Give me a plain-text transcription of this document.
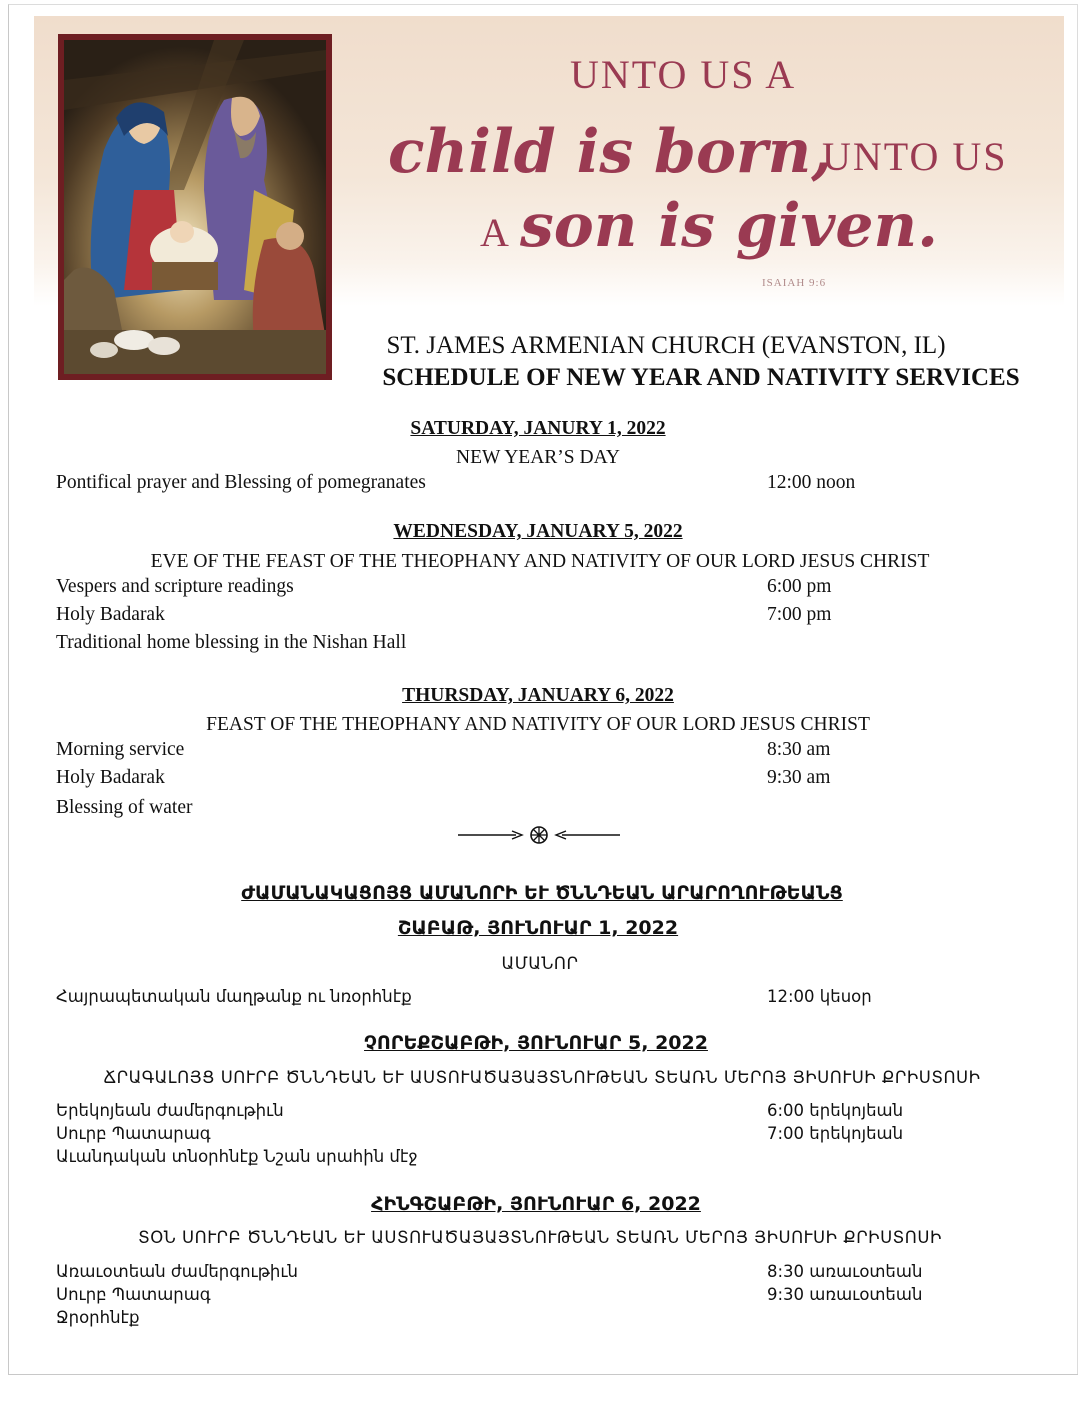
UNTO US A
child is born,
UNTO US
A son is given.
ISAIAH 9:6
ST. JAMES ARMENIAN CHURCH (EVANSTON, IL)
SCHEDULE OF NEW YEAR AND NATIVITY SERVICES
SATURDAY, JANURY 1, 2022
NEW YEAR’S DAY
Pontifical prayer and Blessing of pomegranates	12:00 noon
WEDNESDAY, JANUARY 5, 2022
EVE OF THE FEAST OF THE THEOPHANY AND NATIVITY OF OUR LORD JESUS CHRIST
Vespers and scripture readings	6:00 pm
Holy Badarak	7:00 pm
Traditional home blessing in the Nishan Hall
THURSDAY, JANUARY 6, 2022
FEAST OF THE THEOPHANY AND NATIVITY OF OUR LORD JESUS CHRIST
Morning service	8:30 am
Holy Badarak	9:30 am
Blessing of water
ԺԱՄԱՆԱԿԱՑՈՅՑ ԱՄԱՆՈՐԻ ԵՒ ԾՆՆԴԵԱՆ ԱՐԱՐՈՂՈՒԹԵԱՆՑ
ՇԱԲԱԹ, ՅՈՒՆՈՒԱՐ 1, 2022
ԱՄԱՆՈՐ
Հայրապետական մաղթանք ու նռօրհնէք	12:00 կեսօր
ՉՈՐԵՔՇԱԲԹԻ, ՅՈՒՆՈՒԱՐ 5, 2022
ՃՐԱԳԱԼՈՅՑ ՍՈՒՐԲ ԾՆՆԴԵԱՆ ԵՒ ԱՍՏՈՒԱԾԱՅԱՅՏՆՈՒԹԵԱՆ ՏԵԱՌՆ ՄԵՐՈՅ ՅԻՍՈՒՍԻ ՔՐԻՍՏՈՍԻ
Երեկոյեան ժամերգութիւն	6:00 երեկոյեան
Սուրբ Պատարագ	7:00 երեկոյեան
Աւանդական տնօրհնէք Նշան սրահին մէջ
ՀԻՆԳՇԱԲԹԻ, ՅՈՒՆՈՒԱՐ 6, 2022
ՏՕՆ ՍՈՒՐԲ ԾՆՆԴԵԱՆ ԵՒ ԱՍՏՈՒԱԾԱՅԱՅՏՆՈՒԹԵԱՆ ՏԵԱՌՆ ՄԵՐՈՅ ՅԻՍՈՒՍԻ ՔՐԻՍՏՈՍԻ
Առաւօտեան ժամերգութիւն	8:30 առաւօտեան
Սուրբ Պատարագ	9:30 առաւօտեան
Ջրօրհնէք
